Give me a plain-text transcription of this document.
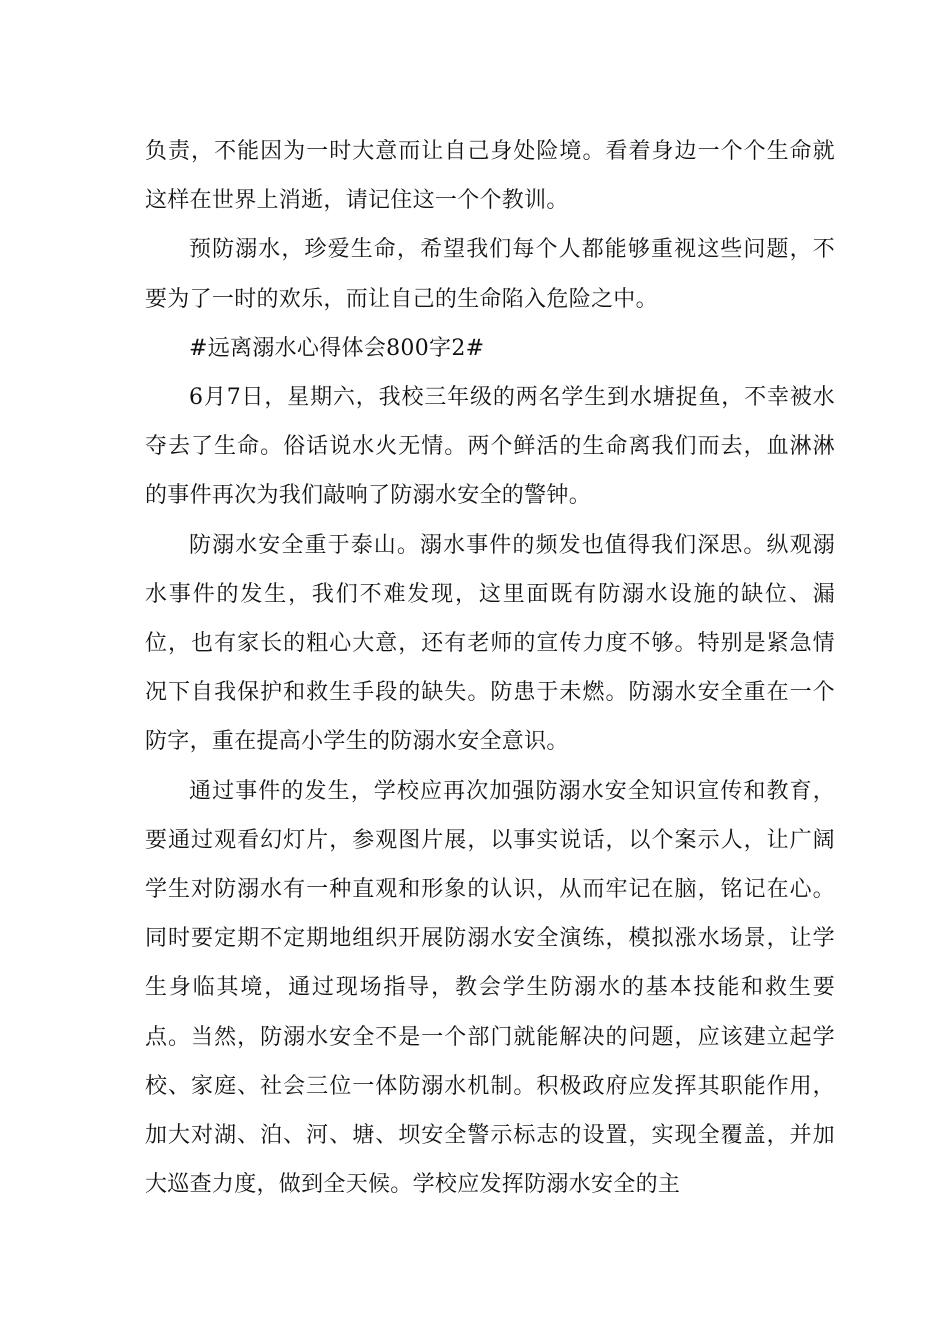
负责，不能因为一时大意而让自己身处险境。看着身边一个个生命就这样在世界上消逝，请记住这一个个教训。

预防溺水，珍爱生命，希望我们每个人都能够重视这些问题，不要为了一时的欢乐，而让自己的生命陷入危险之中。

#远离溺水心得体会800字2#

6月7日，星期六，我校三年级的两名学生到水塘捉鱼，不幸被水夺去了生命。俗话说水火无情。两个鲜活的生命离我们而去，血淋淋的事件再次为我们敲响了防溺水安全的警钟。

防溺水安全重于泰山。溺水事件的频发也值得我们深思。纵观溺水事件的发生，我们不难发现，这里面既有防溺水设施的缺位、漏位，也有家长的粗心大意，还有老师的宣传力度不够。特别是紧急情况下自我保护和救生手段的缺失。防患于未燃。防溺水安全重在一个防字，重在提高小学生的防溺水安全意识。

通过事件的发生，学校应再次加强防溺水安全知识宣传和教育，要通过观看幻灯片，参观图片展，以事实说话，以个案示人，让广阔学生对防溺水有一种直观和形象的认识，从而牢记在脑，铭记在心。同时要定期不定期地组织开展防溺水安全演练，模拟涨水场景，让学生身临其境，通过现场指导，教会学生防溺水的基本技能和救生要点。当然，防溺水安全不是一个部门就能解决的问题，应该建立起学校、家庭、社会三位一体防溺水机制。积极政府应发挥其职能作用，加大对湖、泊、河、塘、坝安全警示标志的设置，实现全覆盖，并加大巡查力度，做到全天候。学校应发挥防溺水安全的主
